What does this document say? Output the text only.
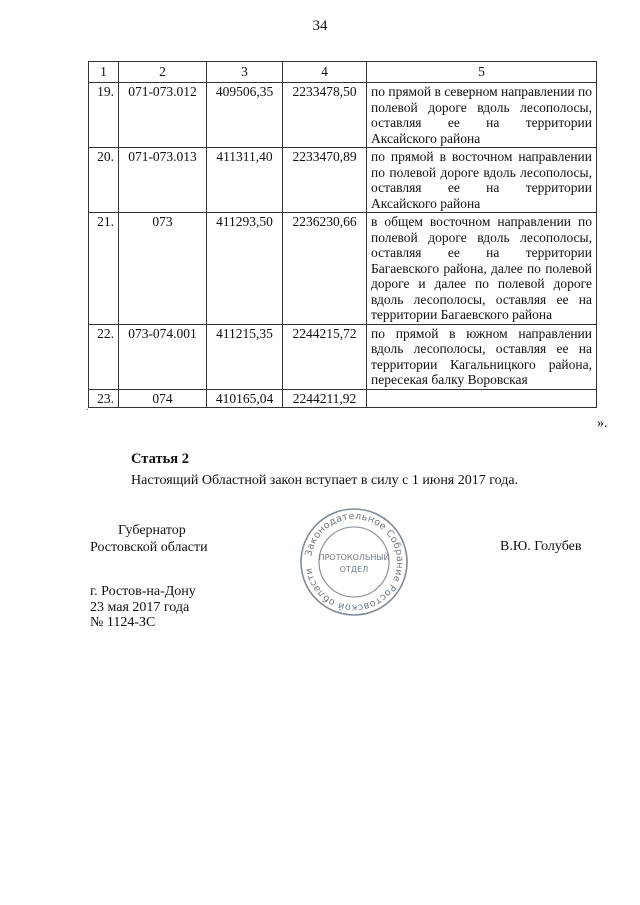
34
1	2	3	4	5
19.	071-073.012	409506,35	2233478,50	по прямой в северном направлении по полевой дороге вдоль лесополосы, оставляя ее на территории Аксайского района
20.	071-073.013	411311,40	2233470,89	по прямой в восточном направлении по полевой дороге вдоль лесополосы, оставляя ее на территории Аксайского района
21.	073	411293,50	2236230,66	в общем восточном направлении по полевой дороге вдоль лесополосы, оставляя ее на территории Багаевского района, далее по полевой дороге и далее по полевой дороге вдоль лесополосы, оставляя ее на территории Багаевского района
22.	073-074.001	411215,35	2244215,72	по прямой в южном направлении вдоль лесополосы, оставляя ее на территории Кагальницкого района, пересекая балку Воровская
23.	074	410165,04	2244211,92	
.
».
Статья 2
Настоящий Областной закон вступает в силу с 1 июня 2017 года.
Губернатор
Ростовской области	В.Ю. Голубев
Законодательное Собрание Ростовской области
ПРОТОКОЛЬНЫЙ
ОТДЕЛ
г. Ростов-на-Дону
23 мая 2017 года
№ 1124-ЗС
